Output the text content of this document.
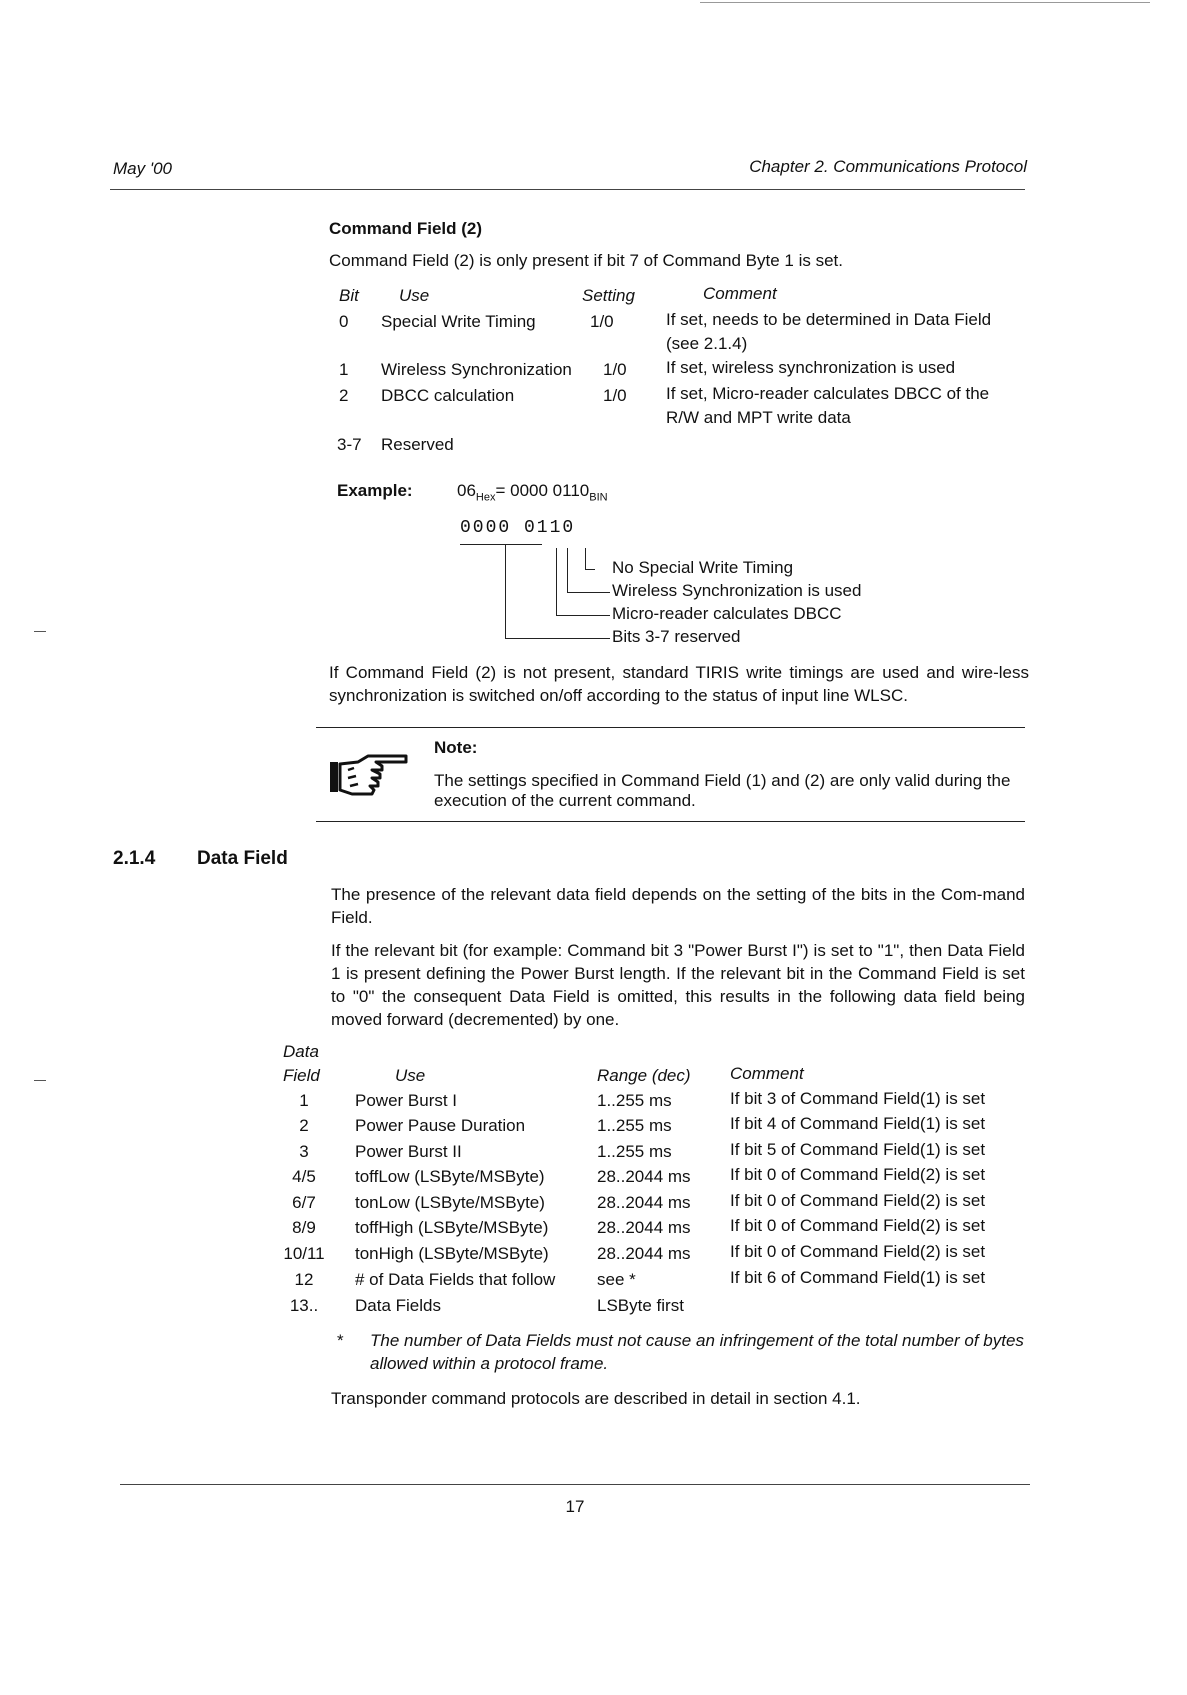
May '00	Chapter 2. Communications Protocol
Command Field (2)
Command Field (2) is only present if bit 7 of Command Byte 1 is set.
Bit Use	Setting	Comment
0 Special Write Timing	1/0	If set, needs to be determined in Data Field
(see 2.1.4)
1 Wireless Synchronization 1/0 If set, wireless synchronization is used
2 DBCC calculation	1/0 If set, Micro-reader calculates DBCC of the
R/W and MPT write data
3-7 Reserved
Example:	$06_{Hex}= 0000$ $0110_{BIN}$
0000 0110
No Special Write Timing
Wireless Synchronization is used
Micro-reader calculates DBCC
Bits 3-7 reserved
If Command Field (2) is not present, standard TIRIS write timings are used and wire-less synchronization is switched on/off according to the status of input line WLSC.
Note:
The settings specified in Command Field (1) and (2) are only valid during the execution of the current command.
2.1.4 Data Field
The presence of the relevant data field depends on the setting of the bits in the Com-mand Field.
If the relevant bit (for example: Command bit 3 "Power Burst I") is set to "1", then Data Field 1 is present defining the Power Burst length. If the relevant bit in the Command Field is set to "0" the consequent Data Field is omitted, this results in the following data field being moved forward (decremented) by one.
Data
Field	Use	Range (dec) Comment
1	Power Burst I	1..255 ms	If bit 3 of Command Field(1) is set
2	Power Pause Duration	1..255 ms	If bit 4 of Command Field(1) is set
3	Power Burst II	1..255 ms	If bit 5 of Command Field(1) is set
4/5	toffLow (LSByte/MSByte)	28..2044 ms If bit 0 of Command Field(2) is set
6/7	tonLow (LSByte/MSByte)	28..2044 ms If bit 0 of Command Field(2) is set
8/9	toffHigh (LSByte/MSByte)	28..2044 ms If bit 0 of Command Field(2) is set
10/11	tonHigh (LSByte/MSByte)	28..2044 ms If bit 0 of Command Field(2) is set
12	# of Data Fields that follow see *	If bit 6 of Command Field(1) is set
13..	Data Fields	LSByte first
* The number of Data Fields must not cause an infringement of the total number of bytes allowed within a protocol frame.
Transponder command protocols are described in detail in section 4.1.
17
